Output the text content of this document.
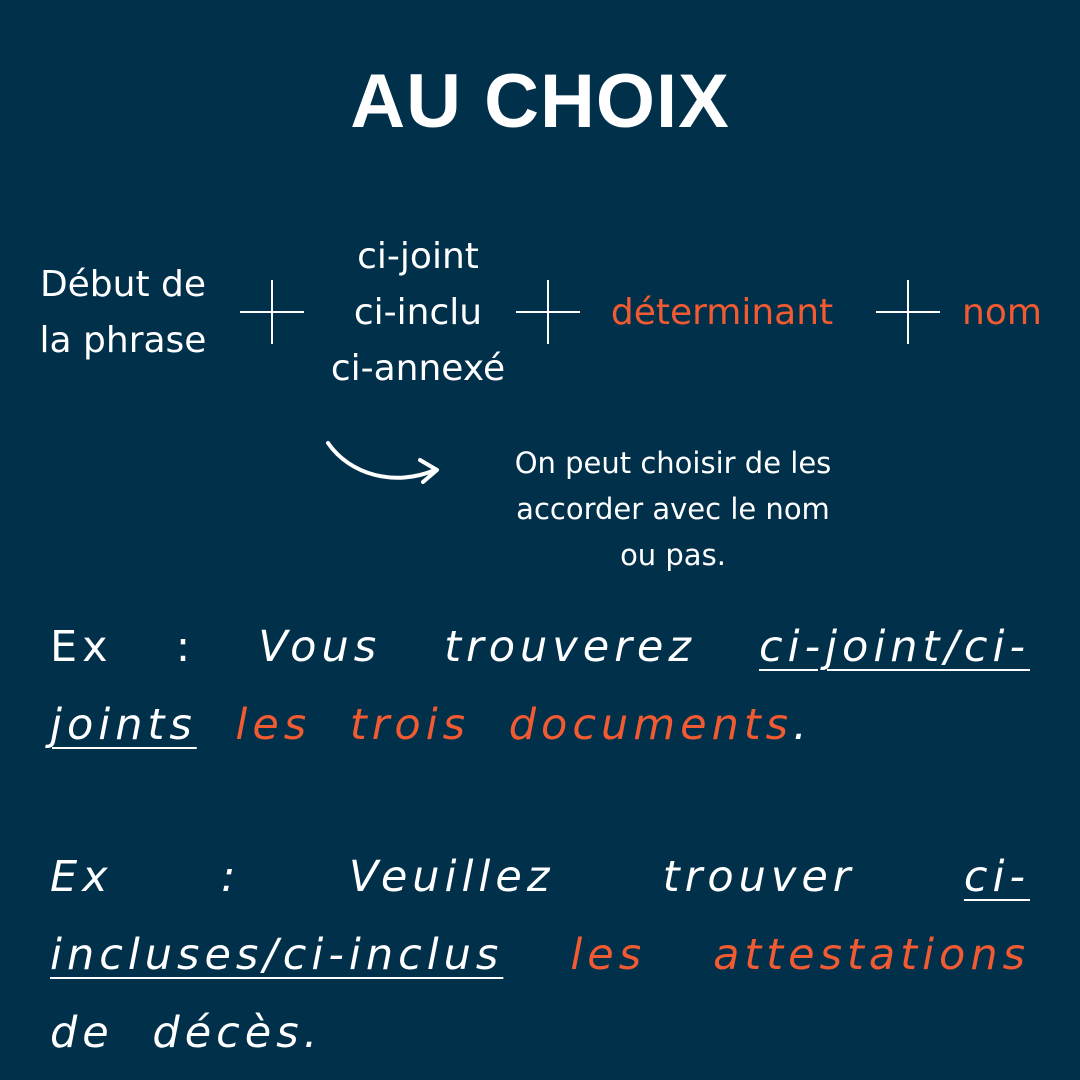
AU CHOIX
Début de
la phrase
ci-joint
ci-inclu
ci-annexé
déterminant	nom
On peut choisir de les
accorder avec le nom
ou pas.
Ex : Vous trouverez ci-joint/ci-joints les trois documents.
Ex : Veuillez trouver ci-incluses/ci-inclus les attestations de décès.
